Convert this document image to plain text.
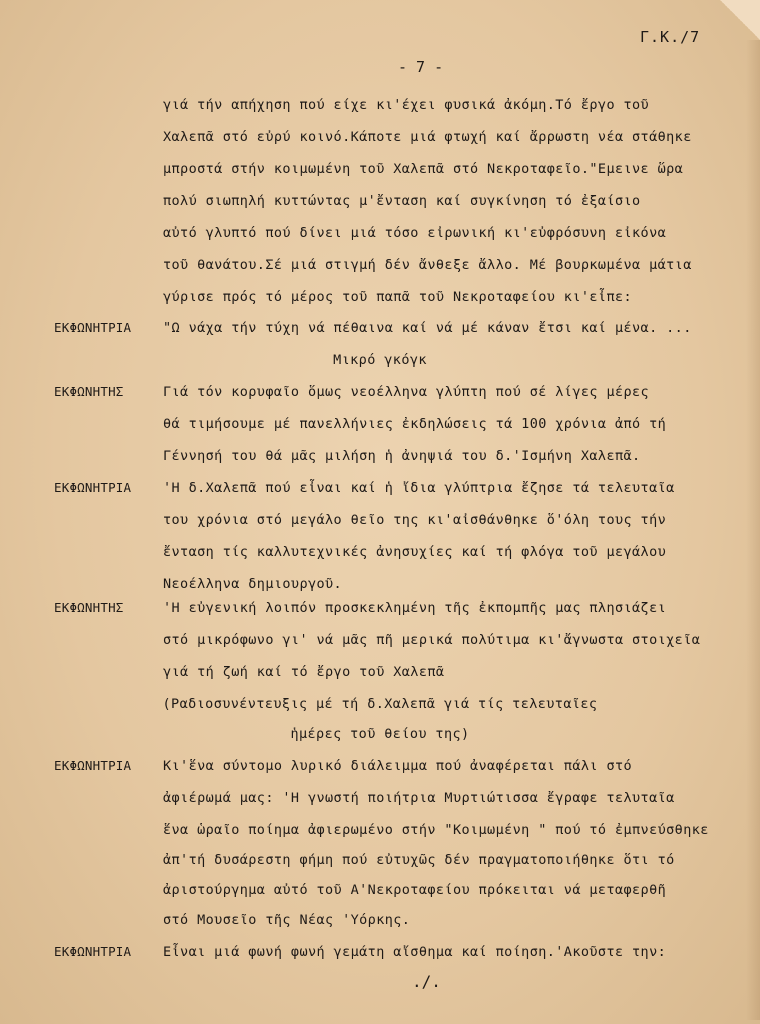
Γ.Κ./7
- 7 -
γιά τήν απήχηση πού είχε κι'έχει φυσικά ἀκόμη.Τό ἔργο τοῦ
Χαλεπᾶ στό εὐρύ κοινό.Κάποτε μιά φτωχή καί ἄρρωστη νέα στάθηκε
μπροστά στήν κοιμωμένη τοῦ Χαλεπᾶ στό Νεκροταφεῖο."Εμεινε ὥρα
πολύ σιωπηλή κυττώντας μ'ἔνταση καί συγκίνηση τό ἐξαίσιο
αὐτό γλυπτό πού δίνει μιά τόσο εἰρωνική κι'εὐφρόσυνη εἰκόνα
τοῦ θανάτου.Σέ μιά στιγμή δέν ἄνθεξε ἄλλο. Μέ βουρκωμένα μάτια
γύρισε πρός τό μέρος τοῦ παπᾶ τοῦ Νεκροταφείου κι'εἶπε:
ΕΚΦΩΝΗΤΡΙΑ "Ω νάχα τήν τύχη νά πέθαινα καί νά μέ κάναν ἔτσι καί μένα. ...
Μικρό γκόγκ
ΕΚΦΩΝΗΤΗΣ	Γιά τόν κορυφαῖο ὅμως νεοέλληνα γλύπτη πού σέ λίγες μέρες
θά τιμήσουμε μέ πανελλήνιες ἐκδηλώσεις τά 100 χρόνια ἀπό τή
Γέννησή του θά μᾶς μιλήση ἡ ἀνηψιά του δ.'Ισμήνη Χαλεπᾶ.
ΕΚΦΩΝΗΤΡΙΑ 'Η δ.Χαλεπᾶ πού εἶναι καί ἡ ἴδια γλύπτρια ἔζησε τά τελευταῖα
του χρόνια στό μεγάλο θεῖο της κι'αἰσθάνθηκε ὅ'όλη τους τήν
ἔνταση τίς καλλυτεχνικές ἀνησυχίες καί τή φλόγα τοῦ μεγάλου
Νεοέλληνα δημιουργοῦ.
ΕΚΦΩΝΗΤΗΣ	'Η εὐγενική λοιπόν προσκεκλημένη τῆς ἐκπομπῆς μας πλησιάζει
στό μικρόφωνο γι' νά μᾶς πῆ μερικά πολύτιμα κι'ἄγνωστα στοιχεῖα
γιά τή ζωή καί τό ἔργο τοῦ Χαλεπᾶ
(Ραδιοσυνέντευξις μέ τή δ.Χαλεπᾶ γιά τίς τελευταῖες
ἡμέρες τοῦ θείου της)
ΕΚΦΩΝΗΤΡΙΑ Κι'ἕνα σύντομο λυρικό διάλειμμα πού ἀναφέρεται πάλι στό
ἀφιέρωμά μας: 'Η γνωστή ποιήτρια Μυρτιώτισσα ἔγραφε τελυταῖα
ἕνα ὡραῖο ποίημα ἀφιερωμένο στήν "Κοιμωμένη " πού τό ἐμπνεύσθηκε
ἀπ'τή δυσάρεστη φήμη πού εὐτυχῶς δέν πραγματοποιήθηκε ὅτι τό
ἀριστούργημα αὐτό τοῦ Α'Νεκροταφείου πρόκειται νά μεταφερθῆ
στό Μουσεῖο τῆς Νέας 'Υόρκης.
ΕΚΦΩΝΗΤΡΙΑ Εἶναι μιά φωνή φωνή γεμάτη αἴσθημα καί ποίηση.'Ακοῦστε την:
./.
